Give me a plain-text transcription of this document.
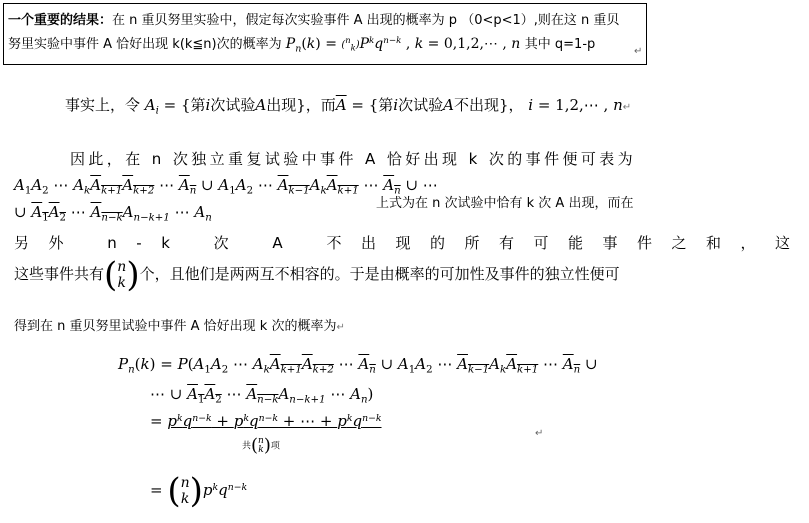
一个重要的结果：在 n 重贝努里实验中，假定每次实验事件 A 出现的概率为 p （0<p<1）,则在这 n 重贝
努里实验中事件 A 恰好出现 k(k≦n)次的概率为 $P_n(k) = (^n_k)P^kq^{n-k}$ , k = 0,1,2,⋯ , n 其中 q=1-p
事实上，令 $A_i$ = {第i次试验A出现}，而$\overline{A}$ = {第i次试验A不出现}， i = 1,2,⋯ , n↵
因此，在 n 次独立重复试验中事件 A 恰好出现 k 次的事件便可表为
$A_1A_2$ ⋯ $A_kA_{k+1}A_{k+2}$ ⋯ $A_n$ ∪ $A_1A_2$ ⋯ $A_{k-1}A_kA_{k+1}$ ⋯ $A_n$ ∪ ⋯
∪ $A_1A_2$ ⋯ $A_{n-k}A_{n-k+1}$ ⋯ $A_n$
上式为在 n 次试验中恰有 k 次 A 出现，而在
另外 n-k 次 A 不出现的所有可能事件之和，这
这些事件共有(n
k)个，且他们是两两互不相容的。于是由概率的可加性及事件的独立性便可
得到在 n 重贝努里试验中事件 A 恰好出现 k 次的概率为↵
$P_n(k) = P(A_1A_2$ ⋯ $A_kA_{k+1}A_{k+2}$ ⋯ $A_n$ ∪ $A_1A_2$ ⋯ $A_{k-1}A_kA_{k+1}$ ⋯ $A_n$ ∪
⋯ ∪ $A_1A_2$ ⋯ $A_{n-k}A_{n-k+1}$ ⋯ $A_n$)
= $p^kq^{n-k} + p^kq^{n-k}$ + ⋯ + $p^kq^{n-k}$
共(n
k)项
= (n
$k)p^kq^{n-k}$
↵
↵
